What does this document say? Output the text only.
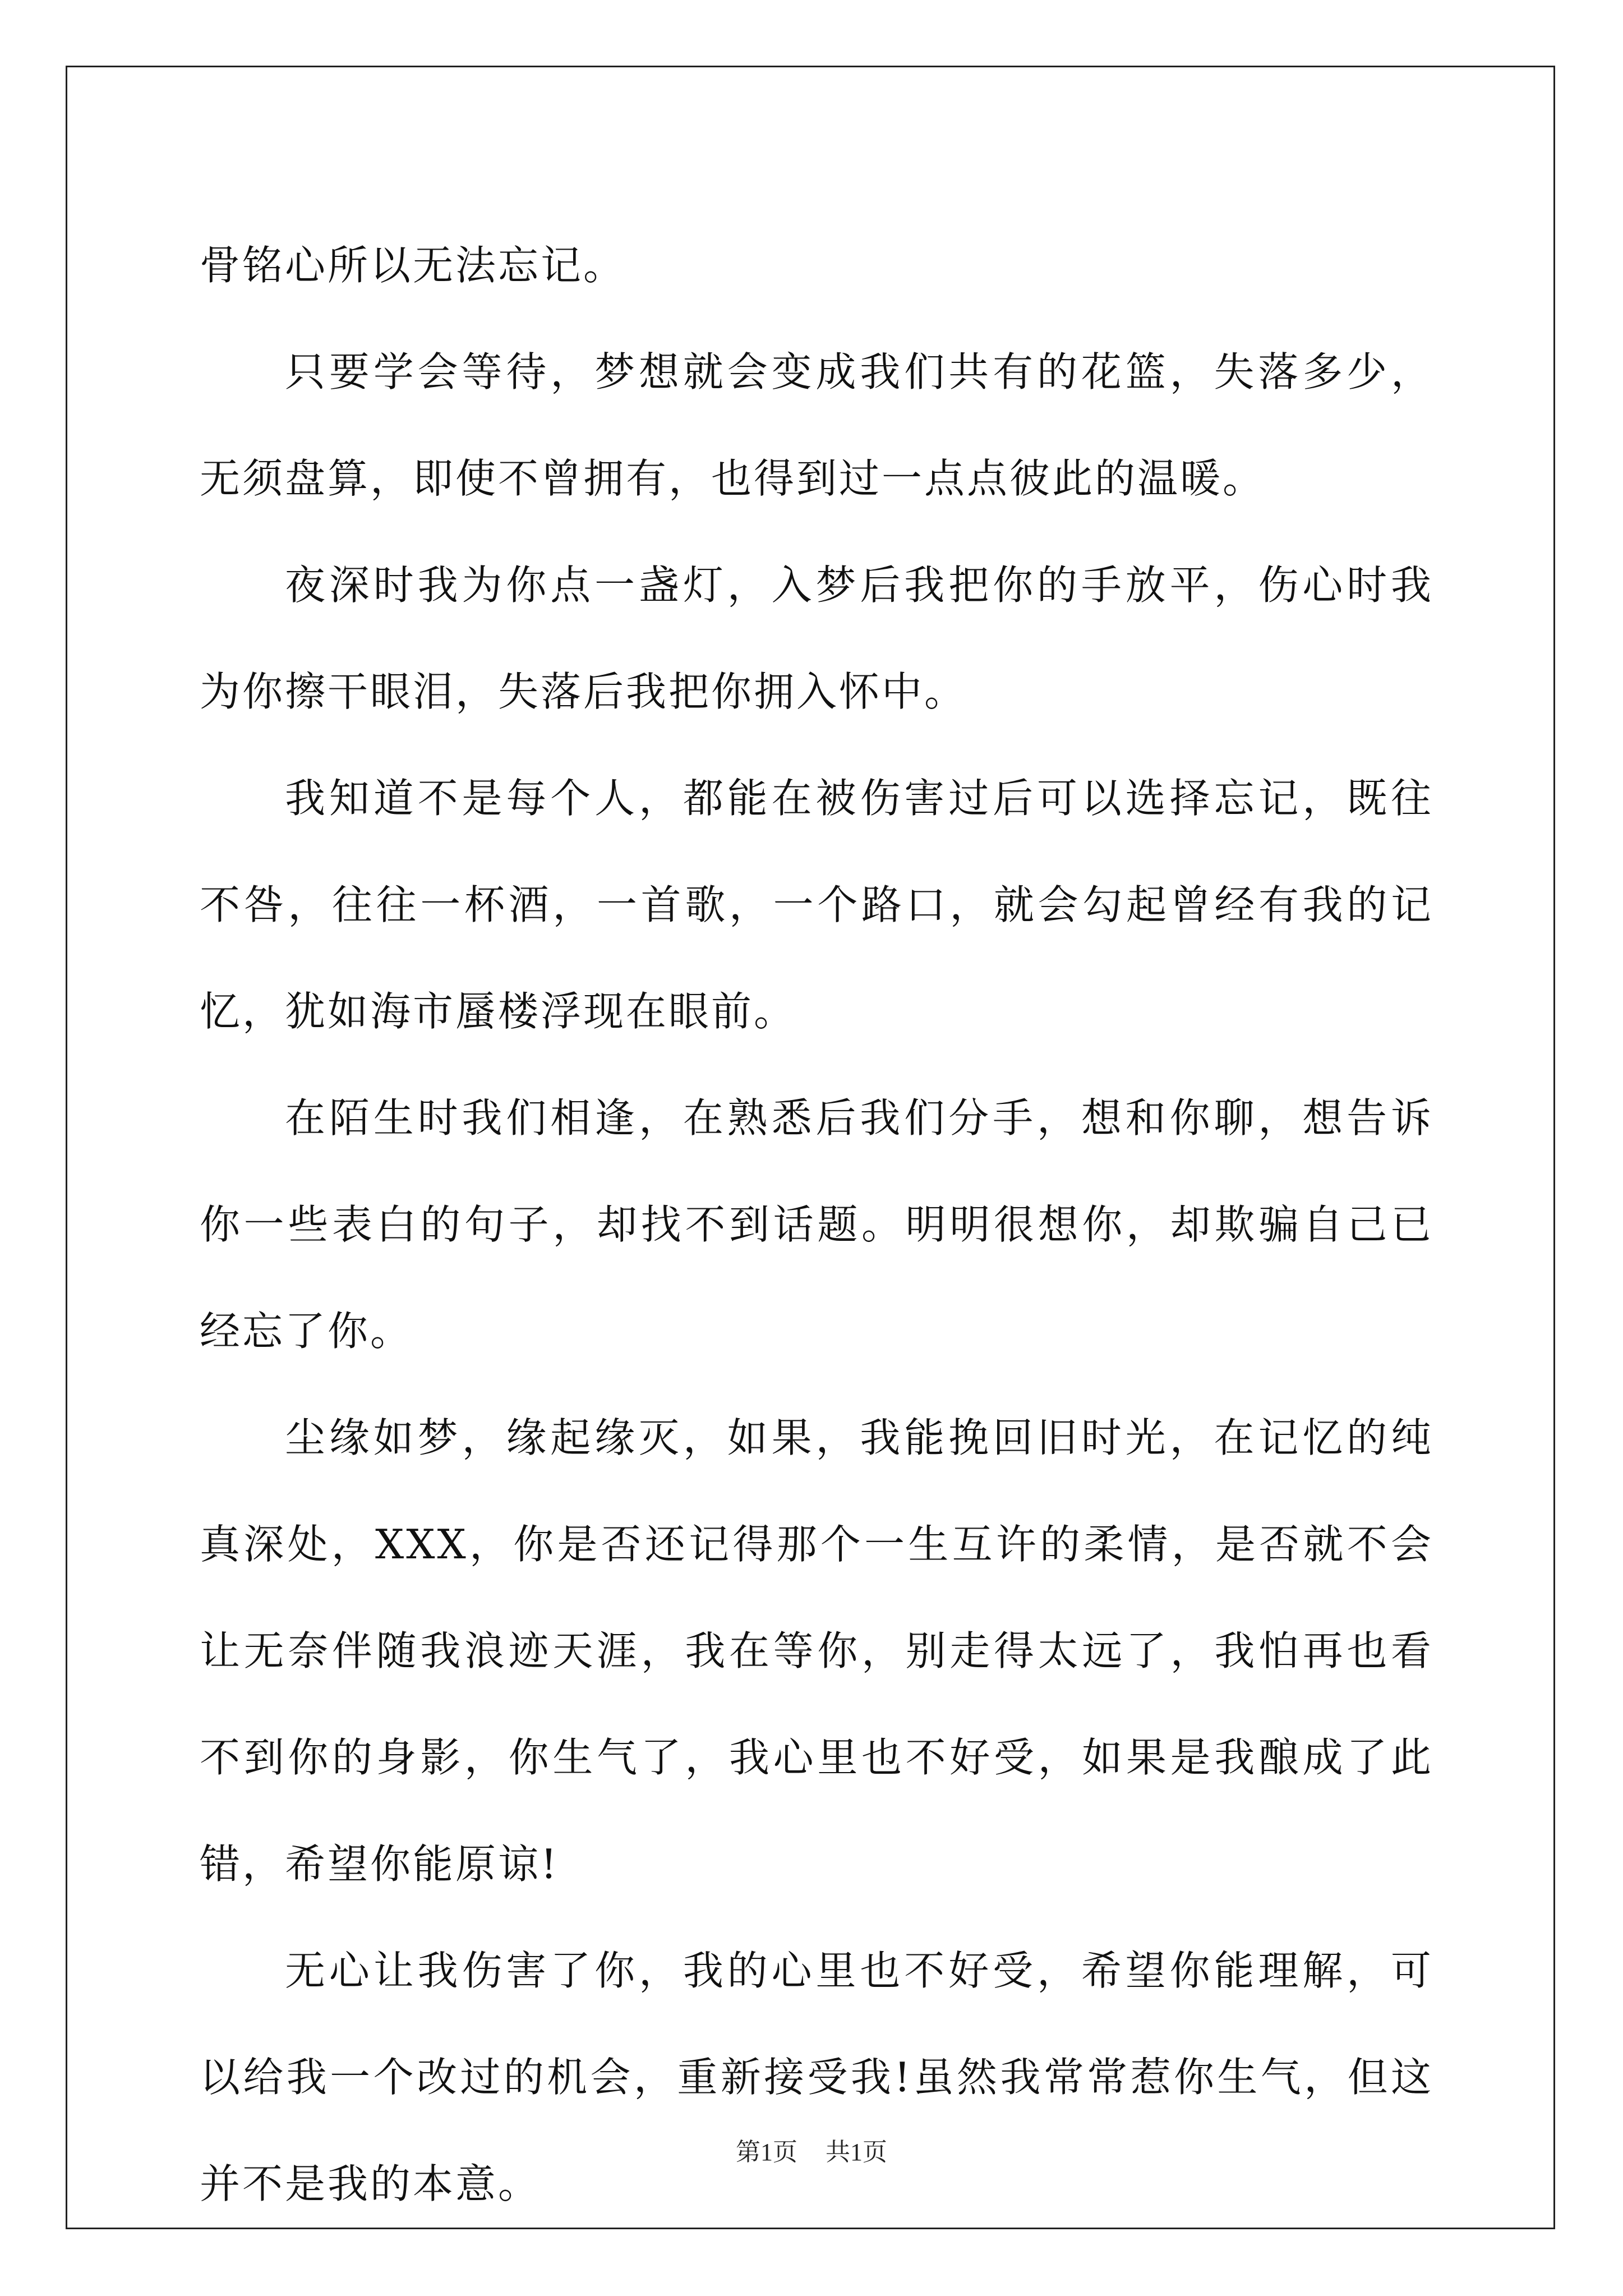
骨铭心所以无法忘记。

只要学会等待，梦想就会变成我们共有的花篮，失落多少，无须盘算，即使不曾拥有，也得到过一点点彼此的温暖。

夜深时我为你点一盏灯，入梦后我把你的手放平，伤心时我为你擦干眼泪，失落后我把你拥入怀中。

我知道不是每个人，都能在被伤害过后可以选择忘记，既往不咎，往往一杯酒，一首歌，一个路口，就会勾起曾经有我的记忆，犹如海市蜃楼浮现在眼前。

在陌生时我们相逢，在熟悉后我们分手，想和你聊，想告诉你一些表白的句子，却找不到话题。明明很想你，却欺骗自己已经忘了你。

尘缘如梦，缘起缘灭，如果，我能挽回旧时光，在记忆的纯真深处，XXX，你是否还记得那个一生互许的柔情，是否就不会让无奈伴随我浪迹天涯，我在等你，别走得太远了，我怕再也看不到你的身影，你生气了，我心里也不好受，如果是我酿成了此错，希望你能原谅!

无心让我伤害了你，我的心里也不好受，希望你能理解，可以给我一个改过的机会，重新接受我!虽然我常常惹你生气，但这并不是我的本意。

第1页 共1页
